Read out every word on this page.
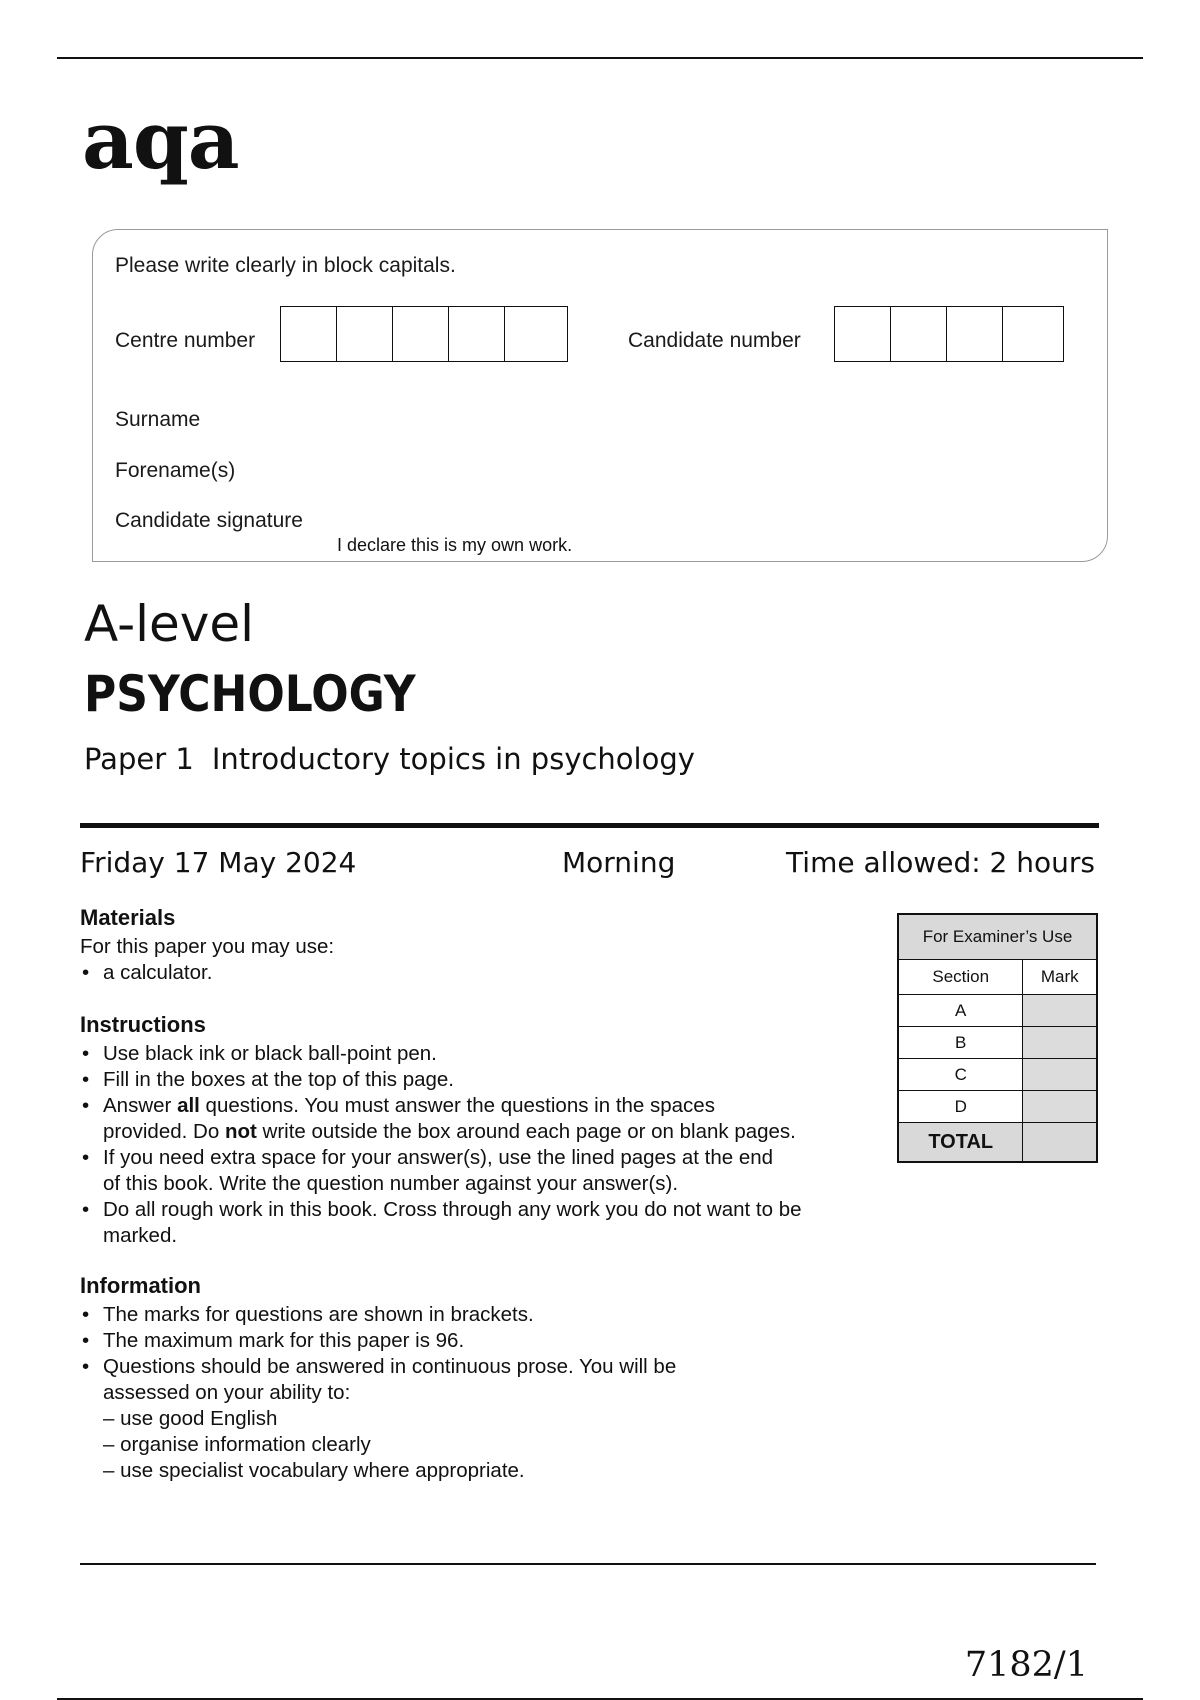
aqa
Please write clearly in block capitals.
Centre number	Candidate number
Surname
Forename(s)
Candidate signature
I declare this is my own work.
A-level
PSYCHOLOGY
Paper 1 Introductory topics in psychology
Friday 17 May 2024	Morning	Time allowed: 2 hours
Materials
For this paper you may use:
• a calculator.
Instructions
• Use black ink or black ball-point pen.
• Fill in the boxes at the top of this page.
• Answer all questions. You must answer the questions in the spaces provided. Do not write outside the box around each page or on blank pages.
• If you need extra space for your answer(s), use the lined pages at the end of this book. Write the question number against your answer(s).
• Do all rough work in this book. Cross through any work you do not want to be marked.
Information
• The marks for questions are shown in brackets.
• The maximum mark for this paper is 96.
• Questions should be answered in continuous prose. You will be assessed on your ability to:
– use good English
– organise information clearly
– use specialist vocabulary where appropriate.
For Examiner’s Use	
Section	Mark
A	
B	
C	
D	
TOTAL	
7182/1
